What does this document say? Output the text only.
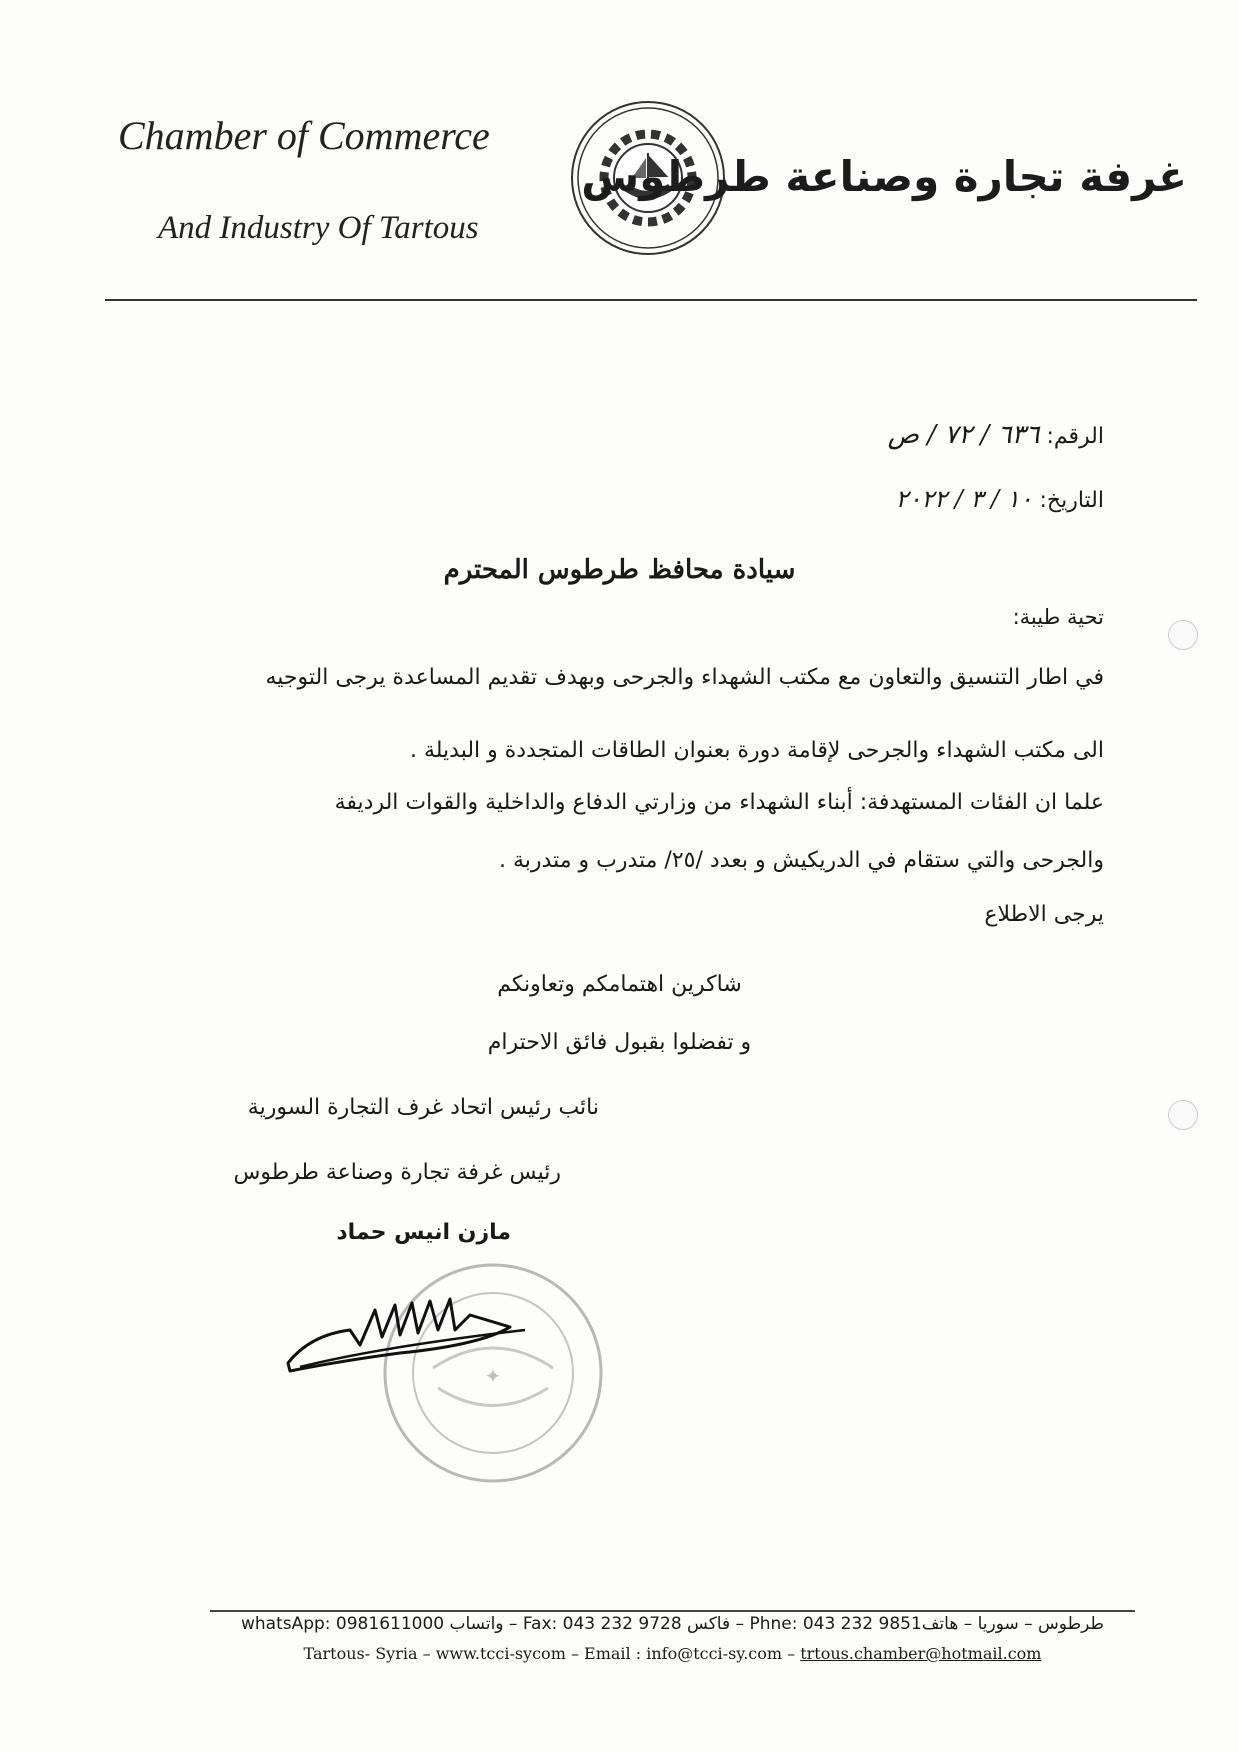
Chamber of Commerce
And Industry Of Tartous
غرفة تجارة وصناعة طرطوس
الرقم: ٦٣٦ / ٧٢ / ص
التاريخ: ١٠ / ٣ / ٢٠٢٢
سيادة محافظ طرطوس المحترم
تحية طيبة:
في اطار التنسيق والتعاون مع مكتب الشهداء والجرحى وبهدف تقديم المساعدة يرجى التوجيه
الى مكتب الشهداء والجرحى لإقامة دورة بعنوان الطاقات المتجددة و البديلة .
علما ان الفئات المستهدفة: أبناء الشهداء من وزارتي الدفاع والداخلية والقوات الرديفة
والجرحى والتي ستقام في الدريكيش و بعدد /٢٥/ متدرب و متدربة .
يرجى الاطلاع
شاكرين اهتمامكم وتعاونكم
و تفضلوا بقبول فائق الاحترام
نائب رئيس اتحاد غرف التجارة السورية
رئيس غرفة تجارة وصناعة طرطوس
مازن انيس حماد
✦
طرطوس – سوريا – هاتف9851 Phne: 043 232 – فاكس 9728 Fax: 043 232 – واتساب whatsApp: 0981611000
Tartous- Syria – www.tcci-sycom – Email : info@tcci-sy.com – trtous.chamber@hotmail.com
